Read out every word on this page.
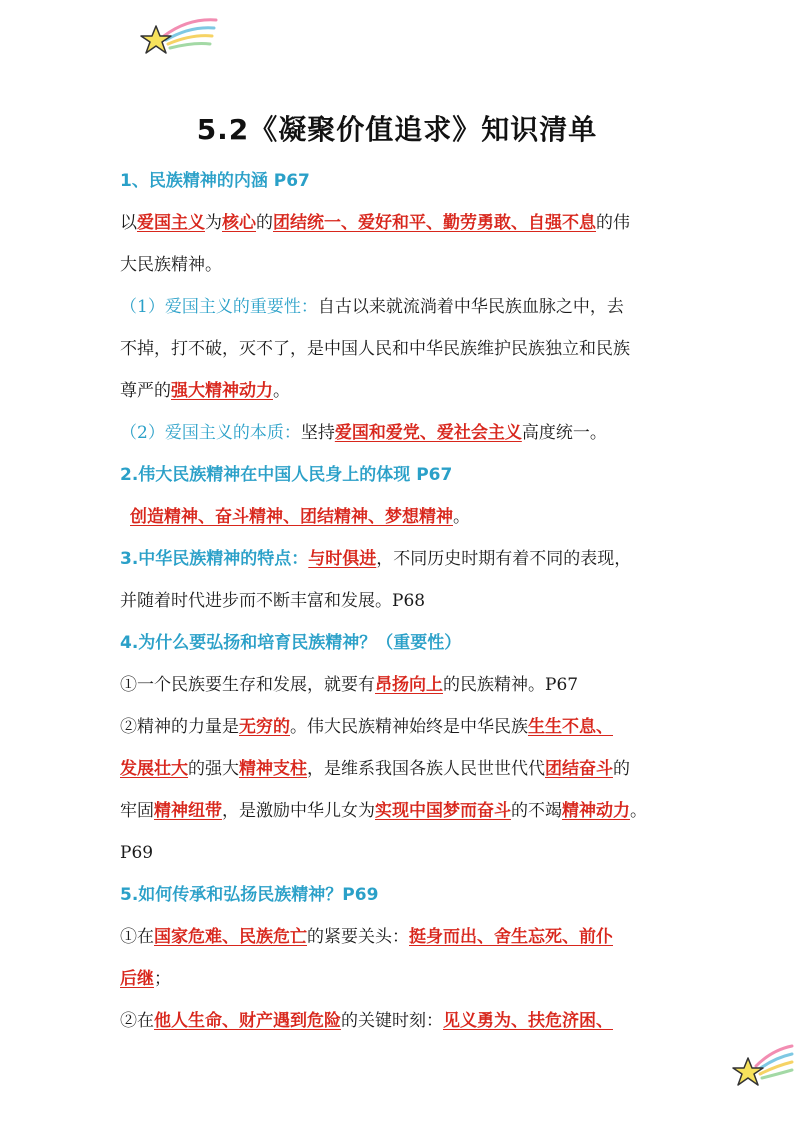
5.2《凝聚价值追求》知识清单
1、民族精神的内涵 P67
以爱国主义为核心的团结统一、爱好和平、勤劳勇敢、自强不息的伟
大民族精神。
（1）爱国主义的重要性：自古以来就流淌着中华民族血脉之中，去
不掉，打不破，灭不了，是中国人民和中华民族维护民族独立和民族
尊严的强大精神动力。
（2）爱国主义的本质：坚持爱国和爱党、爱社会主义高度统一。
2.伟大民族精神在中国人民身上的体现 P67
创造精神、奋斗精神、团结精神、梦想精神。
3.中华民族精神的特点：与时俱进，不同历史时期有着不同的表现，
并随着时代进步而不断丰富和发展。P68
4.为什么要弘扬和培育民族精神？（重要性）
①一个民族要生存和发展，就要有昂扬向上的民族精神。P67
②精神的力量是无穷的。伟大民族精神始终是中华民族生生不息、
发展壮大的强大精神支柱，是维系我国各族人民世世代代团结奋斗的
牢固精神纽带，是激励中华儿女为实现中国梦而奋斗的不竭精神动力。
P69
5.如何传承和弘扬民族精神？P69
①在国家危难、民族危亡的紧要关头：挺身而出、舍生忘死、前仆
后继；
②在他人生命、财产遇到危险的关键时刻：见义勇为、扶危济困、
